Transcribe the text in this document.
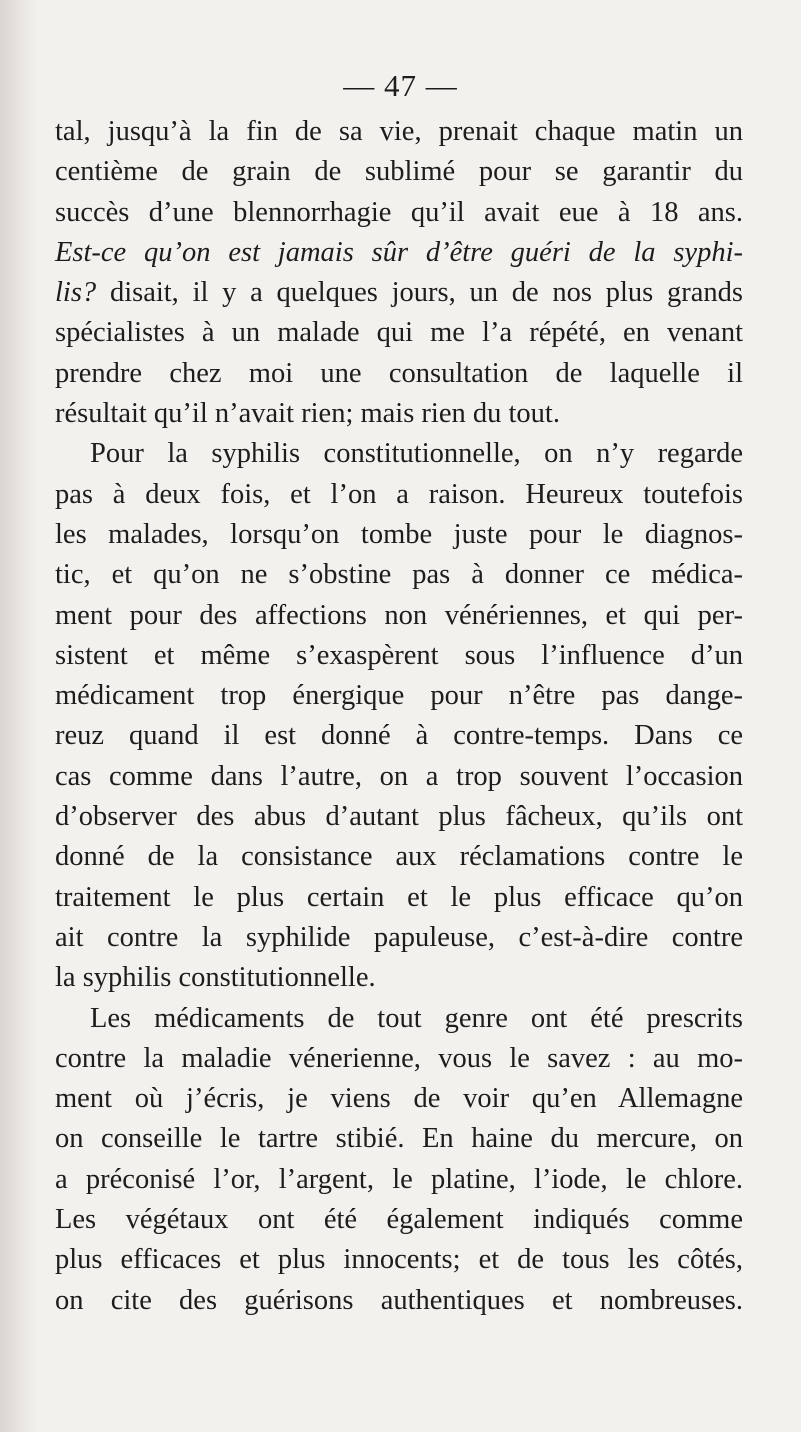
— 47 —
tal, jusqu’à la fin de sa vie, prenait chaque matin un
centième de grain de sublimé pour se garantir du
succès d’une blennorrhagie qu’il avait eue à 18 ans.
Est-ce qu’on est jamais sûr d’être guéri de la syphi-
lis? disait, il y a quelques jours, un de nos plus grands
spécialistes à un malade qui me l’a répété, en venant
prendre chez moi une consultation de laquelle il
résultait qu’il n’avait rien; mais rien du tout.
Pour la syphilis constitutionnelle, on n’y regarde
pas à deux fois, et l’on a raison. Heureux toutefois
les malades, lorsqu’on tombe juste pour le diagnos-
tic, et qu’on ne s’obstine pas à donner ce médica-
ment pour des affections non vénériennes, et qui per-
sistent et même s’exaspèrent sous l’influence d’un
médicament trop énergique pour n’être pas dange-
reuz quand il est donné à contre-temps. Dans ce
cas comme dans l’autre, on a trop souvent l’occasion
d’observer des abus d’autant plus fâcheux, qu’ils ont
donné de la consistance aux réclamations contre le
traitement le plus certain et le plus efficace qu’on
ait contre la syphilide papuleuse, c’est-à-dire contre
la syphilis constitutionnelle.
Les médicaments de tout genre ont été prescrits
contre la maladie vénerienne, vous le savez : au mo-
ment où j’écris, je viens de voir qu’en Allemagne
on conseille le tartre stibié. En haine du mercure, on
a préconisé l’or, l’argent, le platine, l’iode, le chlore.
Les végétaux ont été également indiqués comme
plus efficaces et plus innocents; et de tous les côtés,
on cite des guérisons authentiques et nombreuses.
